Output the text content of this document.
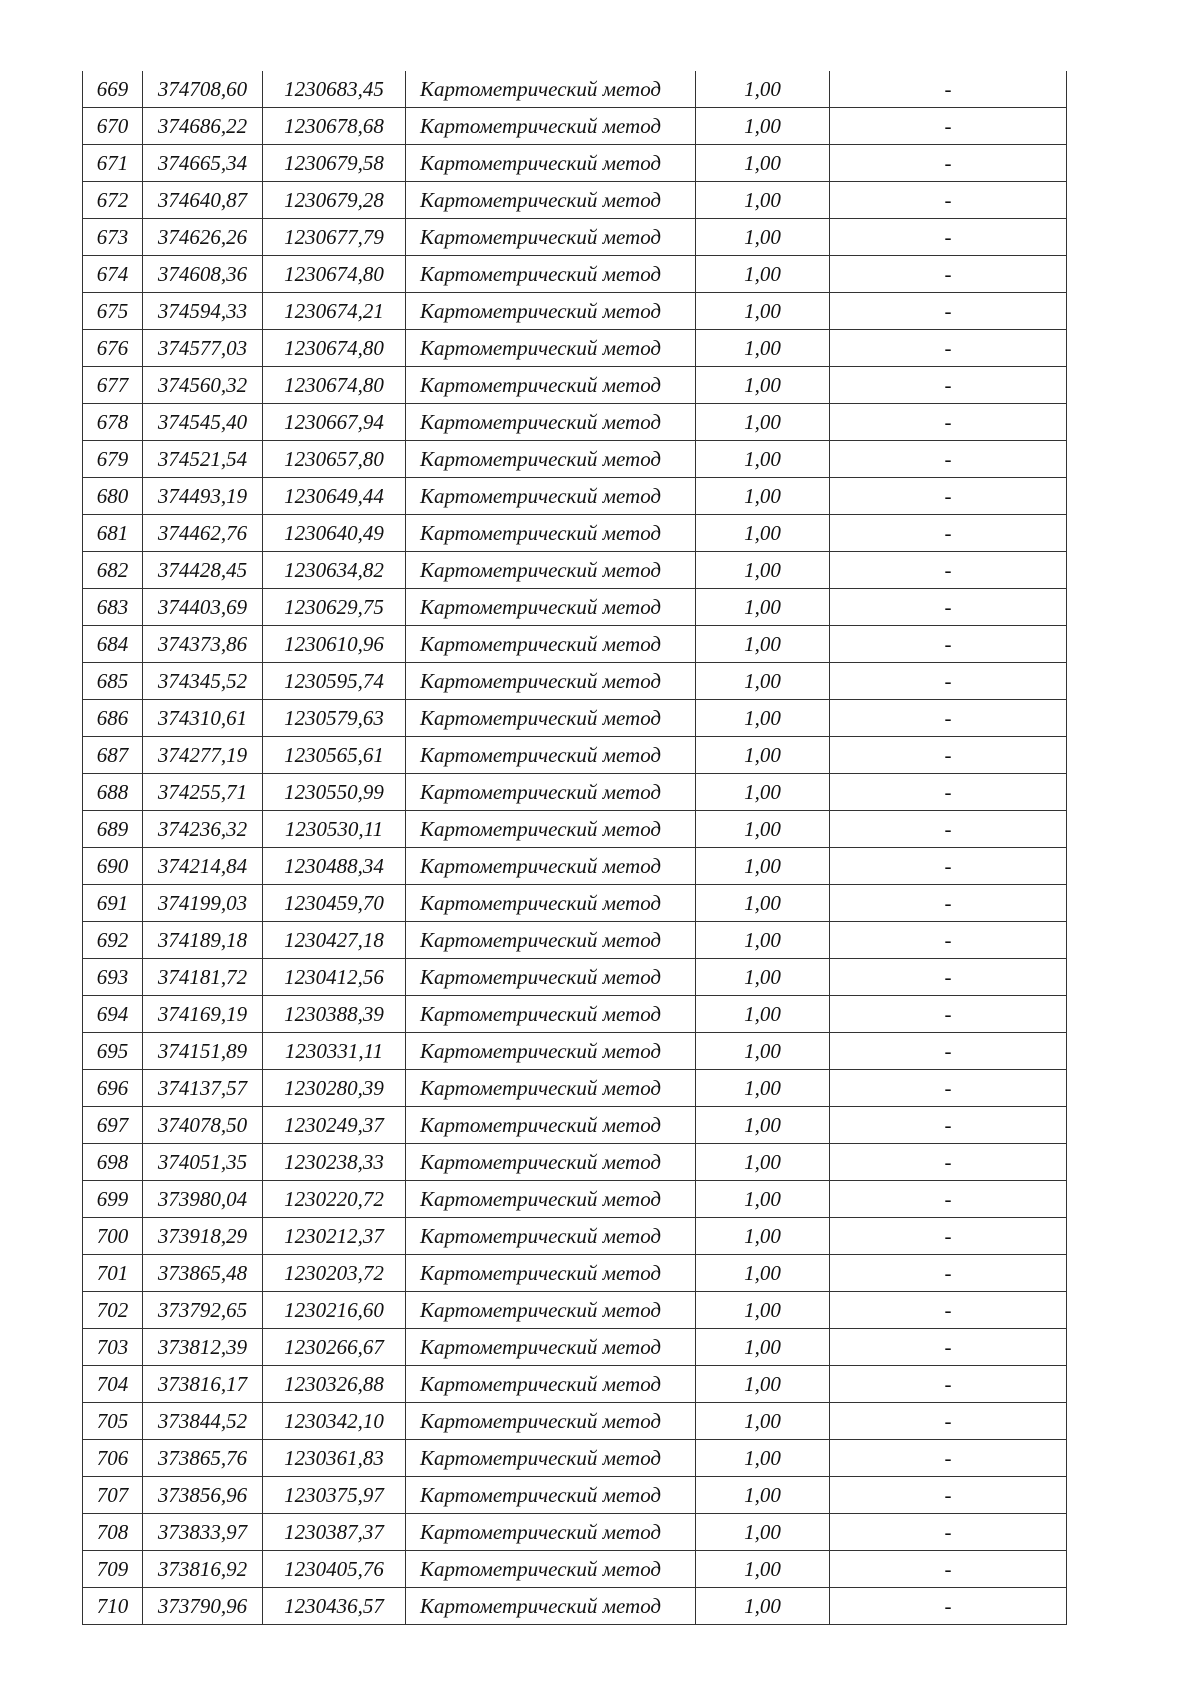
669	374708,60	1230683,45	Картометрический метод	1,00	-
670	374686,22	1230678,68	Картометрический метод	1,00	-
671	374665,34	1230679,58	Картометрический метод	1,00	-
672	374640,87	1230679,28	Картометрический метод	1,00	-
673	374626,26	1230677,79	Картометрический метод	1,00	-
674	374608,36	1230674,80	Картометрический метод	1,00	-
675	374594,33	1230674,21	Картометрический метод	1,00	-
676	374577,03	1230674,80	Картометрический метод	1,00	-
677	374560,32	1230674,80	Картометрический метод	1,00	-
678	374545,40	1230667,94	Картометрический метод	1,00	-
679	374521,54	1230657,80	Картометрический метод	1,00	-
680	374493,19	1230649,44	Картометрический метод	1,00	-
681	374462,76	1230640,49	Картометрический метод	1,00	-
682	374428,45	1230634,82	Картометрический метод	1,00	-
683	374403,69	1230629,75	Картометрический метод	1,00	-
684	374373,86	1230610,96	Картометрический метод	1,00	-
685	374345,52	1230595,74	Картометрический метод	1,00	-
686	374310,61	1230579,63	Картометрический метод	1,00	-
687	374277,19	1230565,61	Картометрический метод	1,00	-
688	374255,71	1230550,99	Картометрический метод	1,00	-
689	374236,32	1230530,11	Картометрический метод	1,00	-
690	374214,84	1230488,34	Картометрический метод	1,00	-
691	374199,03	1230459,70	Картометрический метод	1,00	-
692	374189,18	1230427,18	Картометрический метод	1,00	-
693	374181,72	1230412,56	Картометрический метод	1,00	-
694	374169,19	1230388,39	Картометрический метод	1,00	-
695	374151,89	1230331,11	Картометрический метод	1,00	-
696	374137,57	1230280,39	Картометрический метод	1,00	-
697	374078,50	1230249,37	Картометрический метод	1,00	-
698	374051,35	1230238,33	Картометрический метод	1,00	-
699	373980,04	1230220,72	Картометрический метод	1,00	-
700	373918,29	1230212,37	Картометрический метод	1,00	-
701	373865,48	1230203,72	Картометрический метод	1,00	-
702	373792,65	1230216,60	Картометрический метод	1,00	-
703	373812,39	1230266,67	Картометрический метод	1,00	-
704	373816,17	1230326,88	Картометрический метод	1,00	-
705	373844,52	1230342,10	Картометрический метод	1,00	-
706	373865,76	1230361,83	Картометрический метод	1,00	-
707	373856,96	1230375,97	Картометрический метод	1,00	-
708	373833,97	1230387,37	Картометрический метод	1,00	-
709	373816,92	1230405,76	Картометрический метод	1,00	-
710	373790,96	1230436,57	Картометрический метод	1,00	-
